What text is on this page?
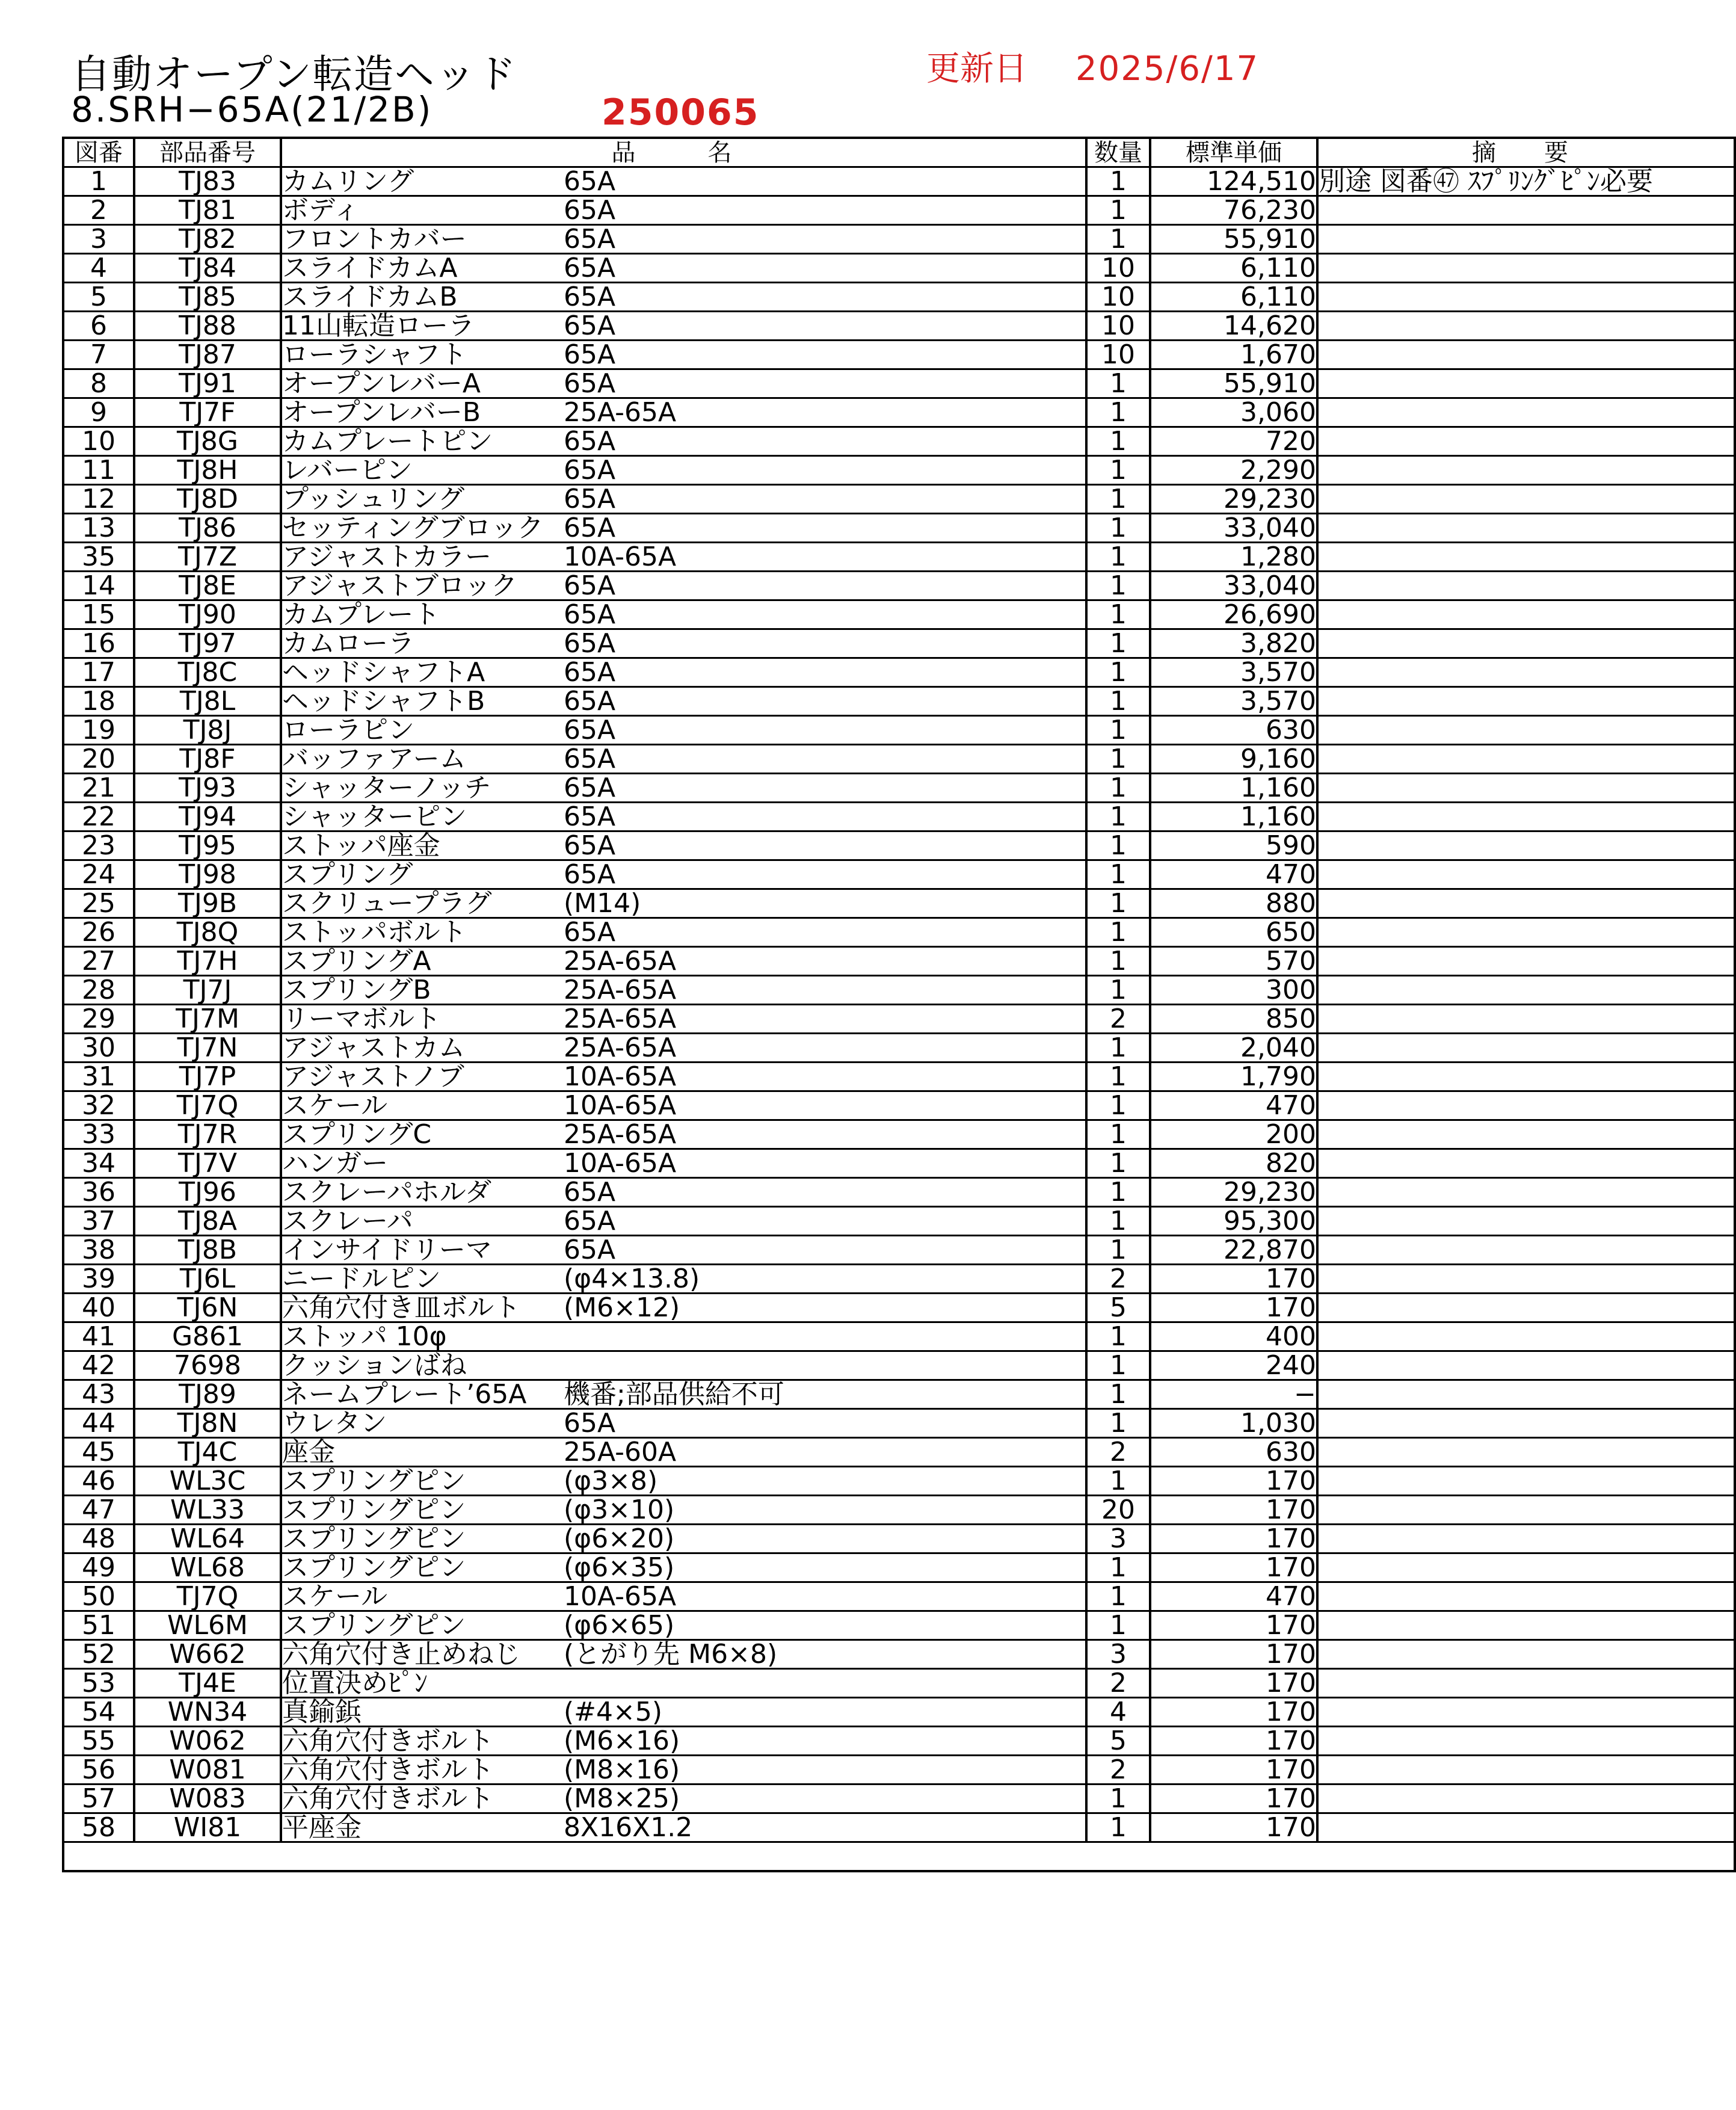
自動オープン転造ヘッド
8.SRH−65A(21/2B)	250065
更新日 2025/6/17
図番	部品番号	品　名		数量	標準単価	摘　要
1	TJ83	カムリング	65A	1	124,510	別途 図番㊼ ｽﾌﾟﾘﾝｸﾞﾋﾟﾝ必要
2	TJ81	ボディ	65A	1	76,230	
3	TJ82	フロントカバー	65A	1	55,910	
4	TJ84	スライドカムA	65A	10	6,110	
5	TJ85	スライドカムB	65A	10	6,110	
6	TJ88	11山転造ローラ	65A	10	14,620	
7	TJ87	ローラシャフト	65A	10	1,670	
8	TJ91	オープンレバーA	65A	1	55,910	
9	TJ7F	オープンレバーB	25A-65A	1	3,060	
10	TJ8G	カムプレートピン	65A	1	720	
11	TJ8H	レバーピン	65A	1	2,290	
12	TJ8D	プッシュリング	65A	1	29,230	
13	TJ86	セッティングブロック	65A	1	33,040	
35	TJ7Z	アジャストカラー	10A-65A	1	1,280	
14	TJ8E	アジャストブロック	65A	1	33,040	
15	TJ90	カムプレート	65A	1	26,690	
16	TJ97	カムローラ	65A	1	3,820	
17	TJ8C	ヘッドシャフトA	65A	1	3,570	
18	TJ8L	ヘッドシャフトB	65A	1	3,570	
19	TJ8J	ローラピン	65A	1	630	
20	TJ8F	バッファアーム	65A	1	9,160	
21	TJ93	シャッターノッチ	65A	1	1,160	
22	TJ94	シャッターピン	65A	1	1,160	
23	TJ95	ストッパ座金	65A	1	590	
24	TJ98	スプリング	65A	1	470	
25	TJ9B	スクリュープラグ	(M14)	1	880	
26	TJ8Q	ストッパボルト	65A	1	650	
27	TJ7H	スプリングA	25A-65A	1	570	
28	TJ7J	スプリングB	25A-65A	1	300	
29	TJ7M	リーマボルト	25A-65A	2	850	
30	TJ7N	アジャストカム	25A-65A	1	2,040	
31	TJ7P	アジャストノブ	10A-65A	1	1,790	
32	TJ7Q	スケール	10A-65A	1	470	
33	TJ7R	スプリングC	25A-65A	1	200	
34	TJ7V	ハンガー	10A-65A	1	820	
36	TJ96	スクレーパホルダ	65A	1	29,230	
37	TJ8A	スクレーパ	65A	1	95,300	
38	TJ8B	インサイドリーマ	65A	1	22,870	
39	TJ6L	ニードルピン	(φ4×13.8)	2	170	
40	TJ6N	六角穴付き皿ボルト	(M6×12)	5	170	
41	G861	ストッパ 10φ		1	400	
42	7698	クッションばね		1	240	
43	TJ89	ネームプレート’65A	機番;部品供給不可	1	−	
44	TJ8N	ウレタン	65A	1	1,030	
45	TJ4C	座金	25A-60A	2	630	
46	WL3C	スプリングピン	(φ3×8)	1	170	
47	WL33	スプリングピン	(φ3×10)	20	170	
48	WL64	スプリングピン	(φ6×20)	3	170	
49	WL68	スプリングピン	(φ6×35)	1	170	
50	TJ7Q	スケール	10A-65A	1	470	
51	WL6M	スプリングピン	(φ6×65)	1	170	
52	W662	六角穴付き止めねじ	(とがり先 M6×8)	3	170	
53	TJ4E	位置決めﾋﾟﾝ		2	170	
54	WN34	真鍮鋲	(#4×5)	4	170	
55	W062	六角穴付きボルト	(M6×16)	5	170	
56	W081	六角穴付きボルト	(M8×16)	2	170	
57	W083	六角穴付きボルト	(M8×25)	1	170	
58	WI81	平座金	8X16X1.2	1	170	
